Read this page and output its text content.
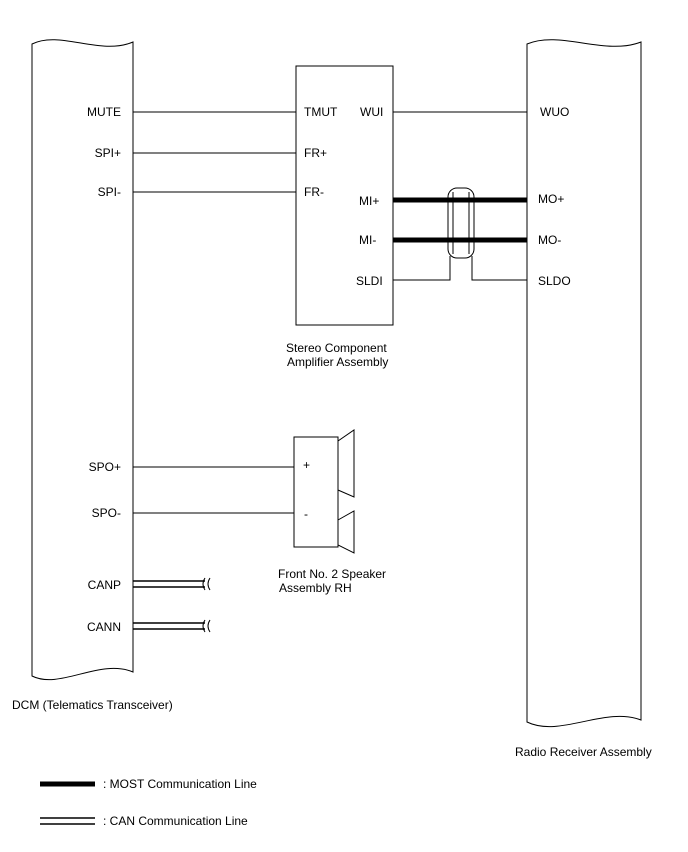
MUTE
SPI+
SPI-
SPO+
SPO-
CANP
CANN
DCM (Telematics Transceiver)
WUO
MO+
MO-
SLDO
Radio Receiver Assembly
TMUT
FR+
FR-
WUI
MI+
MI-
SLDI
Stereo Component
Amplifier Assembly
+
-
Front No. 2 Speaker
Assembly RH
: MOST Communication Line
: CAN Communication Line
